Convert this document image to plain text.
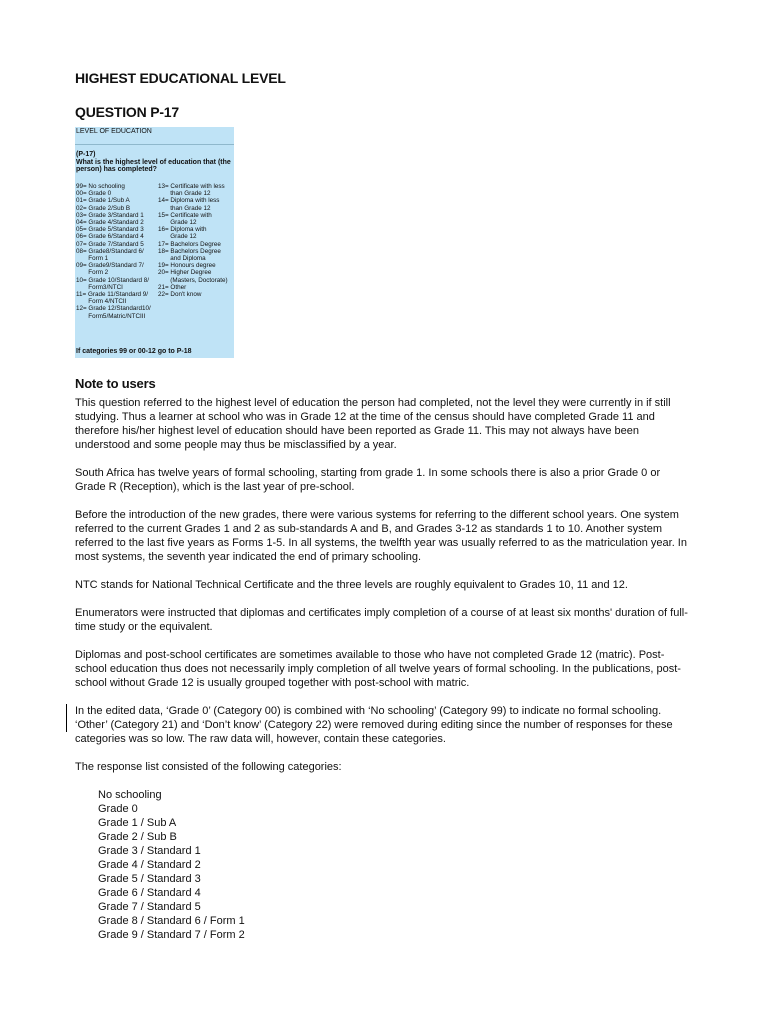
HIGHEST EDUCATIONAL LEVEL
QUESTION P-17
LEVEL OF EDUCATION
(P-17)
What is the highest level of education that (the person) has completed?
99= No schooling
00= Grade 0
01= Grade 1/Sub A
02= Grade 2/Sub B
03= Grade 3/Standard 1
04= Grade 4/Standard 2
05= Grade 5/Standard 3
06= Grade 6/Standard 4
07= Grade 7/Standard 5
08= Grade8/Standard 6/
Form 1
09= Grade9/Standard 7/
Form 2
10= Grade 10/Standard 8/
Form3/NTCI
11= Grade 11/Standard 9/
Form 4/NTCII
12= Grade 12/Standard10/
Form5/Matric/NTCIII
13= Certificate with less
than Grade 12
14= Diploma with less
than Grade 12
15= Certificate with
Grade 12
16= Diploma with
Grade 12
17= Bachelors Degree
18= Bachelors Degree
and Diploma
19= Honours degree
20= Higher Degree
(Masters, Doctorate)
21= Other
22= Don't know
If categories 99 or 00-12 go to P-18
Note to users

This question referred to the highest level of education the person had completed, not the level they were currently in if still studying. Thus a learner at school who was in Grade 12 at the time of the census should have completed Grade 11 and therefore his/her highest level of education should have been reported as Grade 11. This may not always have been understood and some people may thus be misclassified by a year.

South Africa has twelve years of formal schooling, starting from grade 1. In some schools there is also a prior Grade 0 or Grade R (Reception), which is the last year of pre-school.

Before the introduction of the new grades, there were various systems for referring to the different school years. One system referred to the current Grades 1 and 2 as sub-standards A and B, and Grades 3-12 as standards 1 to 10. Another system referred to the last five years as Forms 1-5. In all systems, the twelfth year was usually referred to as the matriculation year. In most systems, the seventh year indicated the end of primary schooling.

NTC stands for National Technical Certificate and the three levels are roughly equivalent to Grades 10, 11 and 12.

Enumerators were instructed that diplomas and certificates imply completion of a course of at least six months' duration of full-time study or the equivalent.

Diplomas and post-school certificates are sometimes available to those who have not completed Grade 12 (matric). Post-school education thus does not necessarily imply completion of all twelve years of formal schooling. In the publications, post-school without Grade 12 is usually grouped together with post-school with matric.

In the edited data, ‘Grade 0’ (Category 00) is combined with ‘No schooling’ (Category 99) to indicate no formal schooling. ‘Other’ (Category 21) and ‘Don’t know’ (Category 22) were removed during editing since the number of responses for these categories was so low. The raw data will, however, contain these categories.

The response list consisted of the following categories:

No schooling
Grade 0
Grade 1 / Sub A
Grade 2 / Sub B
Grade 3 / Standard 1
Grade 4 / Standard 2
Grade 5 / Standard 3
Grade 6 / Standard 4
Grade 7 / Standard 5
Grade 8 / Standard 6 / Form 1
Grade 9 / Standard 7 / Form 2
